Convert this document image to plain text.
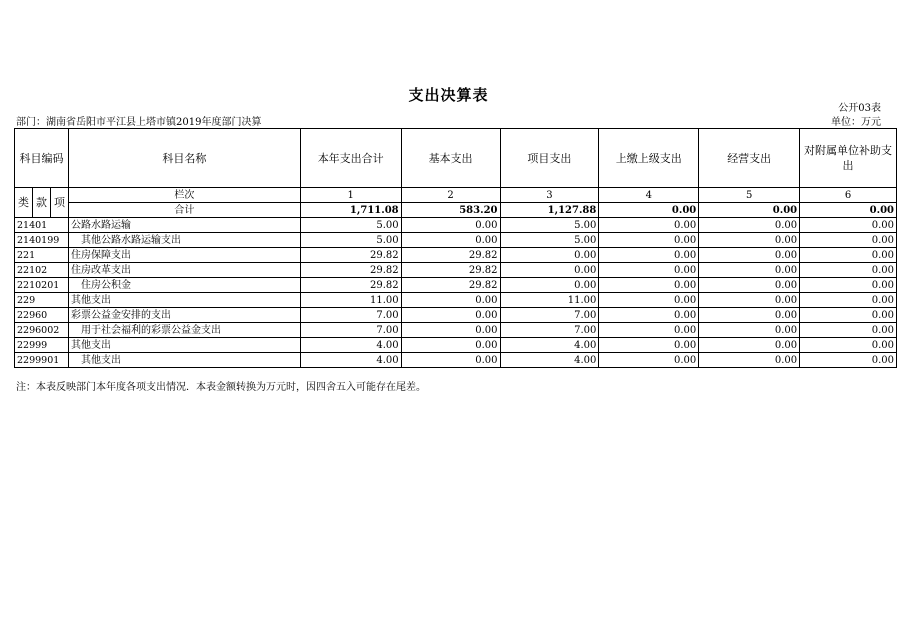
支出决算表
公开03表
部门：湖南省岳阳市平江县上塔市镇2019年度部门决算	单位：万元
科目编码			科目名称	本年支出合计	基本支出	项目支出	上缴上级支出	经营支出	对附属单位补助支出
类	款	项	栏次	1	2	3	4	5	6
			合计	1,711.08	583.20	1,127.88	0.00	0.00	0.00
21401			公路水路运输	5.00	0.00	5.00	0.00	0.00	0.00
2140199			其他公路水路运输支出	5.00	0.00	5.00	0.00	0.00	0.00
221			住房保障支出	29.82	29.82	0.00	0.00	0.00	0.00
22102			住房改革支出	29.82	29.82	0.00	0.00	0.00	0.00
2210201			住房公积金	29.82	29.82	0.00	0.00	0.00	0.00
229			其他支出	11.00	0.00	11.00	0.00	0.00	0.00
22960			彩票公益金安排的支出	7.00	0.00	7.00	0.00	0.00	0.00
2296002			用于社会福利的彩票公益金支出	7.00	0.00	7.00	0.00	0.00	0.00
22999			其他支出	4.00	0.00	4.00	0.00	0.00	0.00
2299901			其他支出	4.00	0.00	4.00	0.00	0.00	0.00
注：本表反映部门本年度各项支出情况．本表金额转换为万元时，因四舍五入可能存在尾差。
